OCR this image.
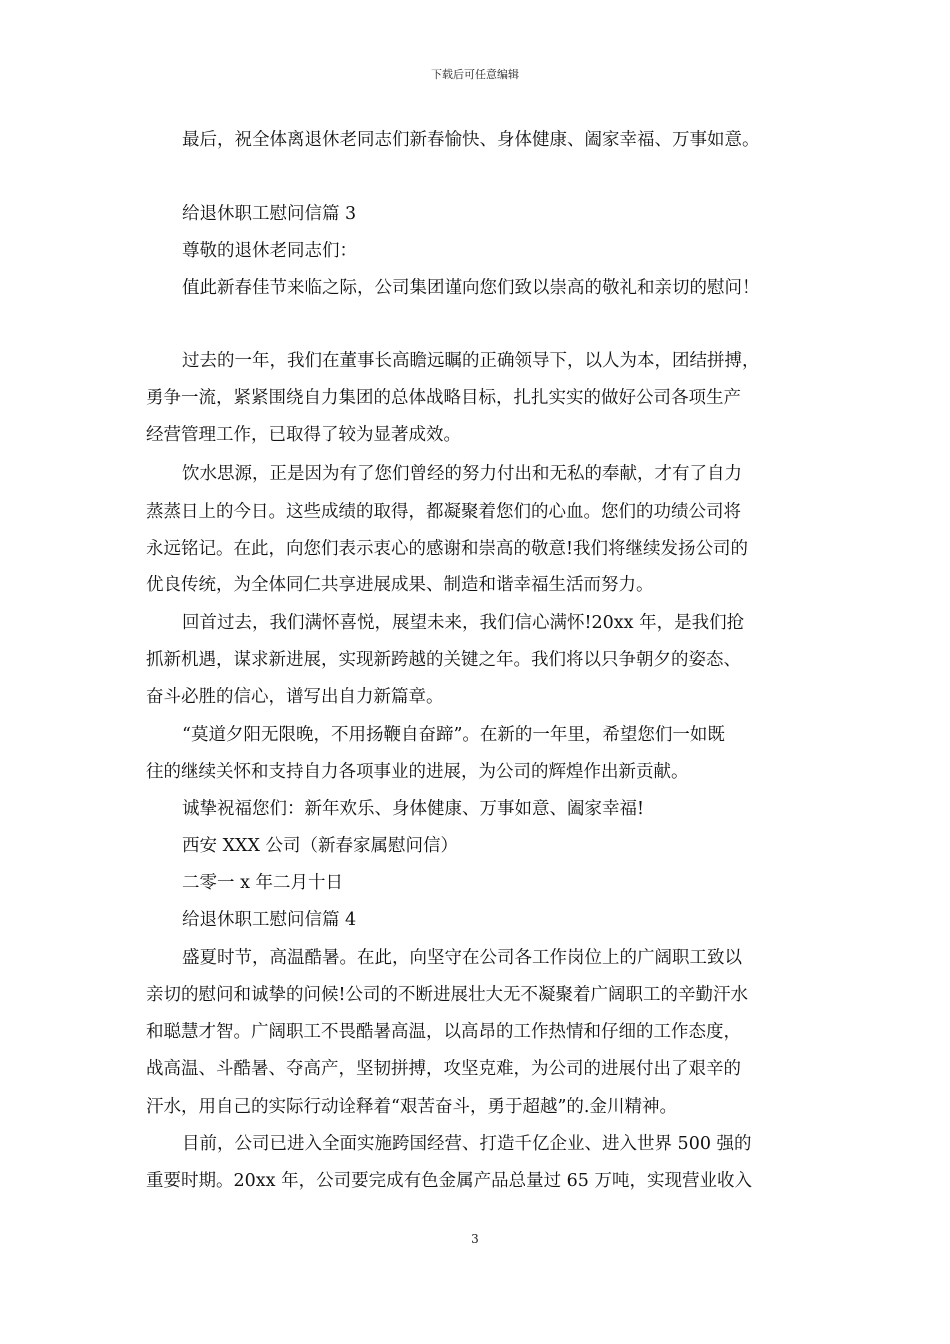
下载后可任意编辑
最后，祝全体离退休老同志们新春愉快、身体健康、阖家幸福、万事如意。
给退休职工慰问信篇 3
尊敬的退休老同志们：
值此新春佳节来临之际，公司集团谨向您们致以崇高的敬礼和亲切的慰问！
过去的一年，我们在董事长高瞻远瞩的正确领导下，以人为本，团结拼搏，
勇争一流，紧紧围绕自力集团的总体战略目标，扎扎实实的做好公司各项生产
经营管理工作，已取得了较为显著成效。
饮水思源，正是因为有了您们曾经的努力付出和无私的奉献，才有了自力
蒸蒸日上的今日。这些成绩的取得，都凝聚着您们的心血。您们的功绩公司将
永远铭记。在此，向您们表示衷心的感谢和崇高的敬意!我们将继续发扬公司的
优良传统，为全体同仁共享进展成果、制造和谐幸福生活而努力。
回首过去，我们满怀喜悦，展望未来，我们信心满怀!20xx 年，是我们抢
抓新机遇，谋求新进展，实现新跨越的关键之年。我们将以只争朝夕的姿态、
奋斗必胜的信心，谱写出自力新篇章。
“莫道夕阳无限晚，不用扬鞭自奋蹄”。在新的一年里，希望您们一如既
往的继续关怀和支持自力各项事业的进展，为公司的辉煌作出新贡献。
诚挚祝福您们：新年欢乐、身体健康、万事如意、阖家幸福!
西安 XXX 公司（新春家属慰问信）
二零一 x 年二月十日
给退休职工慰问信篇 4
盛夏时节，高温酷暑。在此，向坚守在公司各工作岗位上的广阔职工致以
亲切的慰问和诚挚的问候!公司的不断进展壮大无不凝聚着广阔职工的辛勤汗水
和聪慧才智。广阔职工不畏酷暑高温，以高昂的工作热情和仔细的工作态度，
战高温、斗酷暑、夺高产，坚韧拼搏，攻坚克难，为公司的进展付出了艰辛的
汗水，用自己的实际行动诠释着“艰苦奋斗，勇于超越”的.金川精神。
目前，公司已进入全面实施跨国经营、打造千亿企业、进入世界 500 强的
重要时期。20xx 年，公司要完成有色金属产品总量过 65 万吨，实现营业收入
3
